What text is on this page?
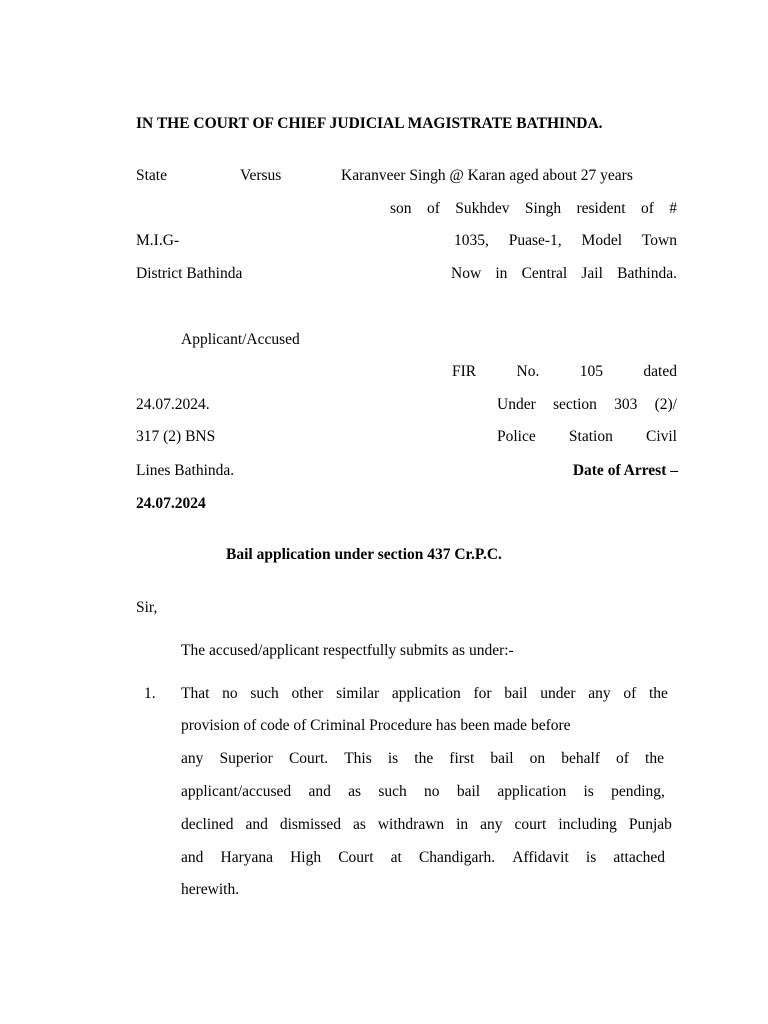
IN THE COURT OF CHIEF JUDICIAL MAGISTRATE BATHINDA.
State	Versus	Karanveer Singh @ Karan aged about 27 years
son of Sukhdev Singh resident of #
M.I.G-	1035, Puase-1, Model Town
District Bathinda	Now in Central Jail Bathinda.
Applicant/Accused
FIR	No.	105	dated
24.07.2024.	Under section 303 (2)/
317 (2) BNS	Police Station Civil
Lines Bathinda.	Date of Arrest –
24.07.2024
Bail application under section 437 Cr.P.C.
Sir,
The accused/applicant respectfully submits as under:-
1. That no such other similar application for bail under any of the
provision of code of Criminal Procedure has been made before
any Superior Court. This is the first bail on behalf of the
applicant/accused and as such no bail application is pending,
declined and dismissed as withdrawn in any court including Punjab
and Haryana High Court at Chandigarh. Affidavit is attached
herewith.
